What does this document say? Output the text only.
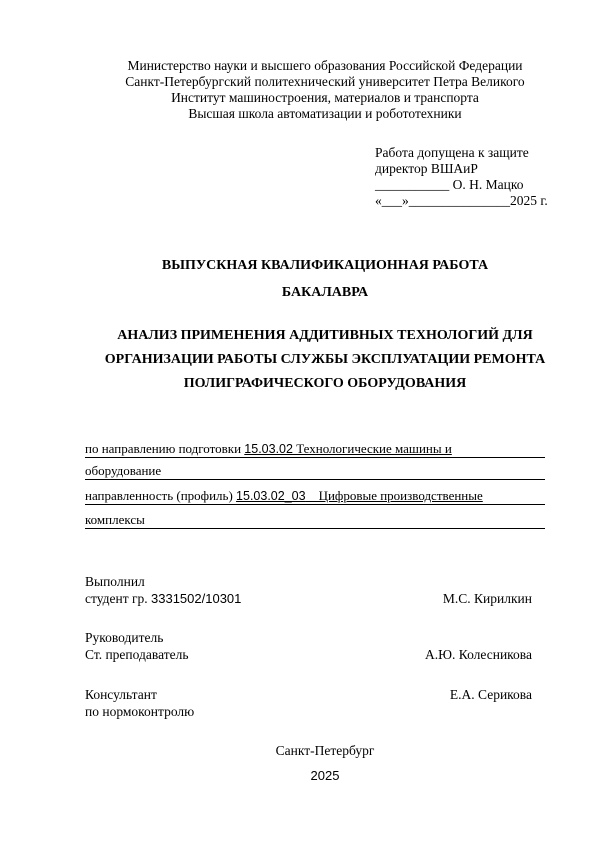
Министерство науки и высшего образования Российской Федерации
Санкт-Петербургский политехнический университет Петра Великого
Институт машиностроения, материалов и транспорта
Высшая школа автоматизации и робототехники
Работа допущена к защите
директор ВШАиР
___________ О. Н. Мацко
«___»_______________2025 г.
ВЫПУСКНАЯ КВАЛИФИКАЦИОННАЯ РАБОТА
БАКАЛАВРА
АНАЛИЗ ПРИМЕНЕНИЯ АДДИТИВНЫХ ТЕХНОЛОГИЙ ДЛЯ
ОРГАНИЗАЦИИ РАБОТЫ СЛУЖБЫ ЭКСПЛУАТАЦИИ РЕМОНТА
ПОЛИГРАФИЧЕСКОГО ОБОРУДОВАНИЯ
по направлению подготовки 15.03.02 Технологические машины и
оборудование
направленность (профиль) 15.03.02_03    Цифровые производственные
комплексы
Выполнил
студент гр. 3331502/10301	М.С. Кирилкин
Руководитель
Ст. преподаватель	А.Ю. Колесникова
Консультант	Е.А. Серикова
по нормоконтролю
Санкт-Петербург
2025
